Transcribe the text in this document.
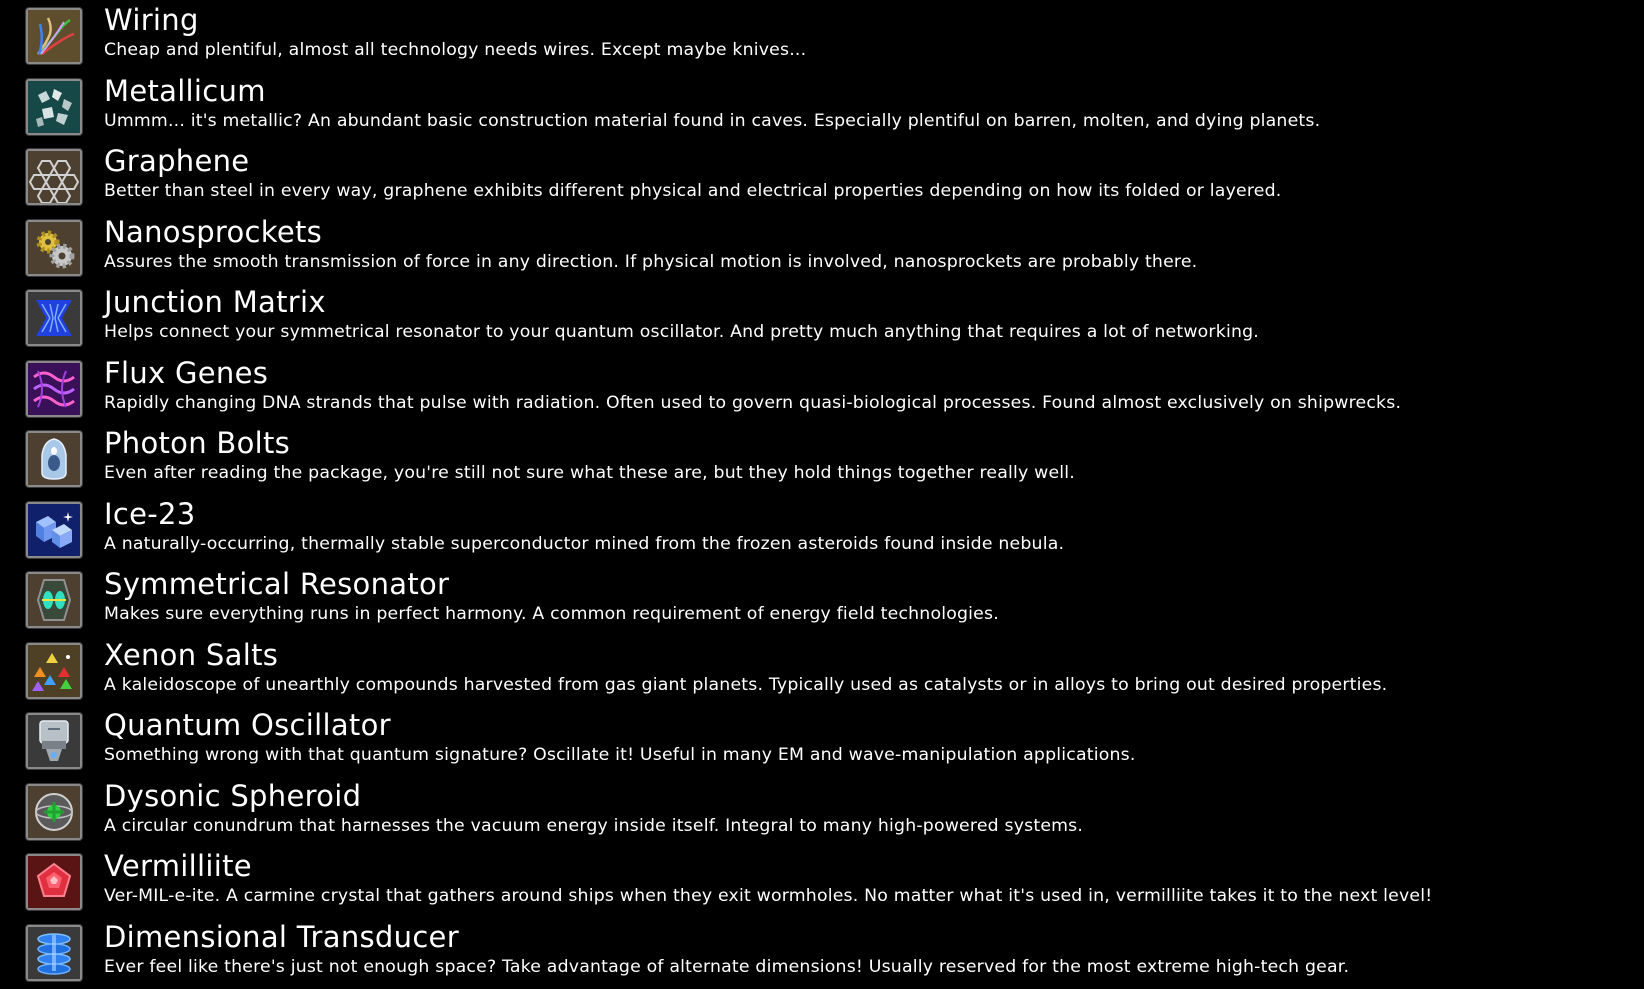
Wiring
Cheap and plentiful, almost all technology needs wires. Except maybe knives...
Metallicum
Ummm... it's metallic? An abundant basic construction material found in caves. Especially plentiful on barren, molten, and dying planets.
Graphene
Better than steel in every way, graphene exhibits different physical and electrical properties depending on how its folded or layered.
Nanosprockets
Assures the smooth transmission of force in any direction. If physical motion is involved, nanosprockets are probably there.
Junction Matrix
Helps connect your symmetrical resonator to your quantum oscillator. And pretty much anything that requires a lot of networking.
Flux Genes
Rapidly changing DNA strands that pulse with radiation. Often used to govern quasi-biological processes. Found almost exclusively on shipwrecks.
Photon Bolts
Even after reading the package, you're still not sure what these are, but they hold things together really well.
Ice-23
A naturally-occurring, thermally stable superconductor mined from the frozen asteroids found inside nebula.
Symmetrical Resonator
Makes sure everything runs in perfect harmony. A common requirement of energy field technologies.
Xenon Salts
A kaleidoscope of unearthly compounds harvested from gas giant planets. Typically used as catalysts or in alloys to bring out desired properties.
Quantum Oscillator
Something wrong with that quantum signature? Oscillate it! Useful in many EM and wave-manipulation applications.
Dysonic Spheroid
A circular conundrum that harnesses the vacuum energy inside itself. Integral to many high-powered systems.
Vermilliite
Ver-MIL-e-ite. A carmine crystal that gathers around ships when they exit wormholes. No matter what it's used in, vermilliite takes it to the next level!
Dimensional Transducer
Ever feel like there's just not enough space? Take advantage of alternate dimensions! Usually reserved for the most extreme high-tech gear.
